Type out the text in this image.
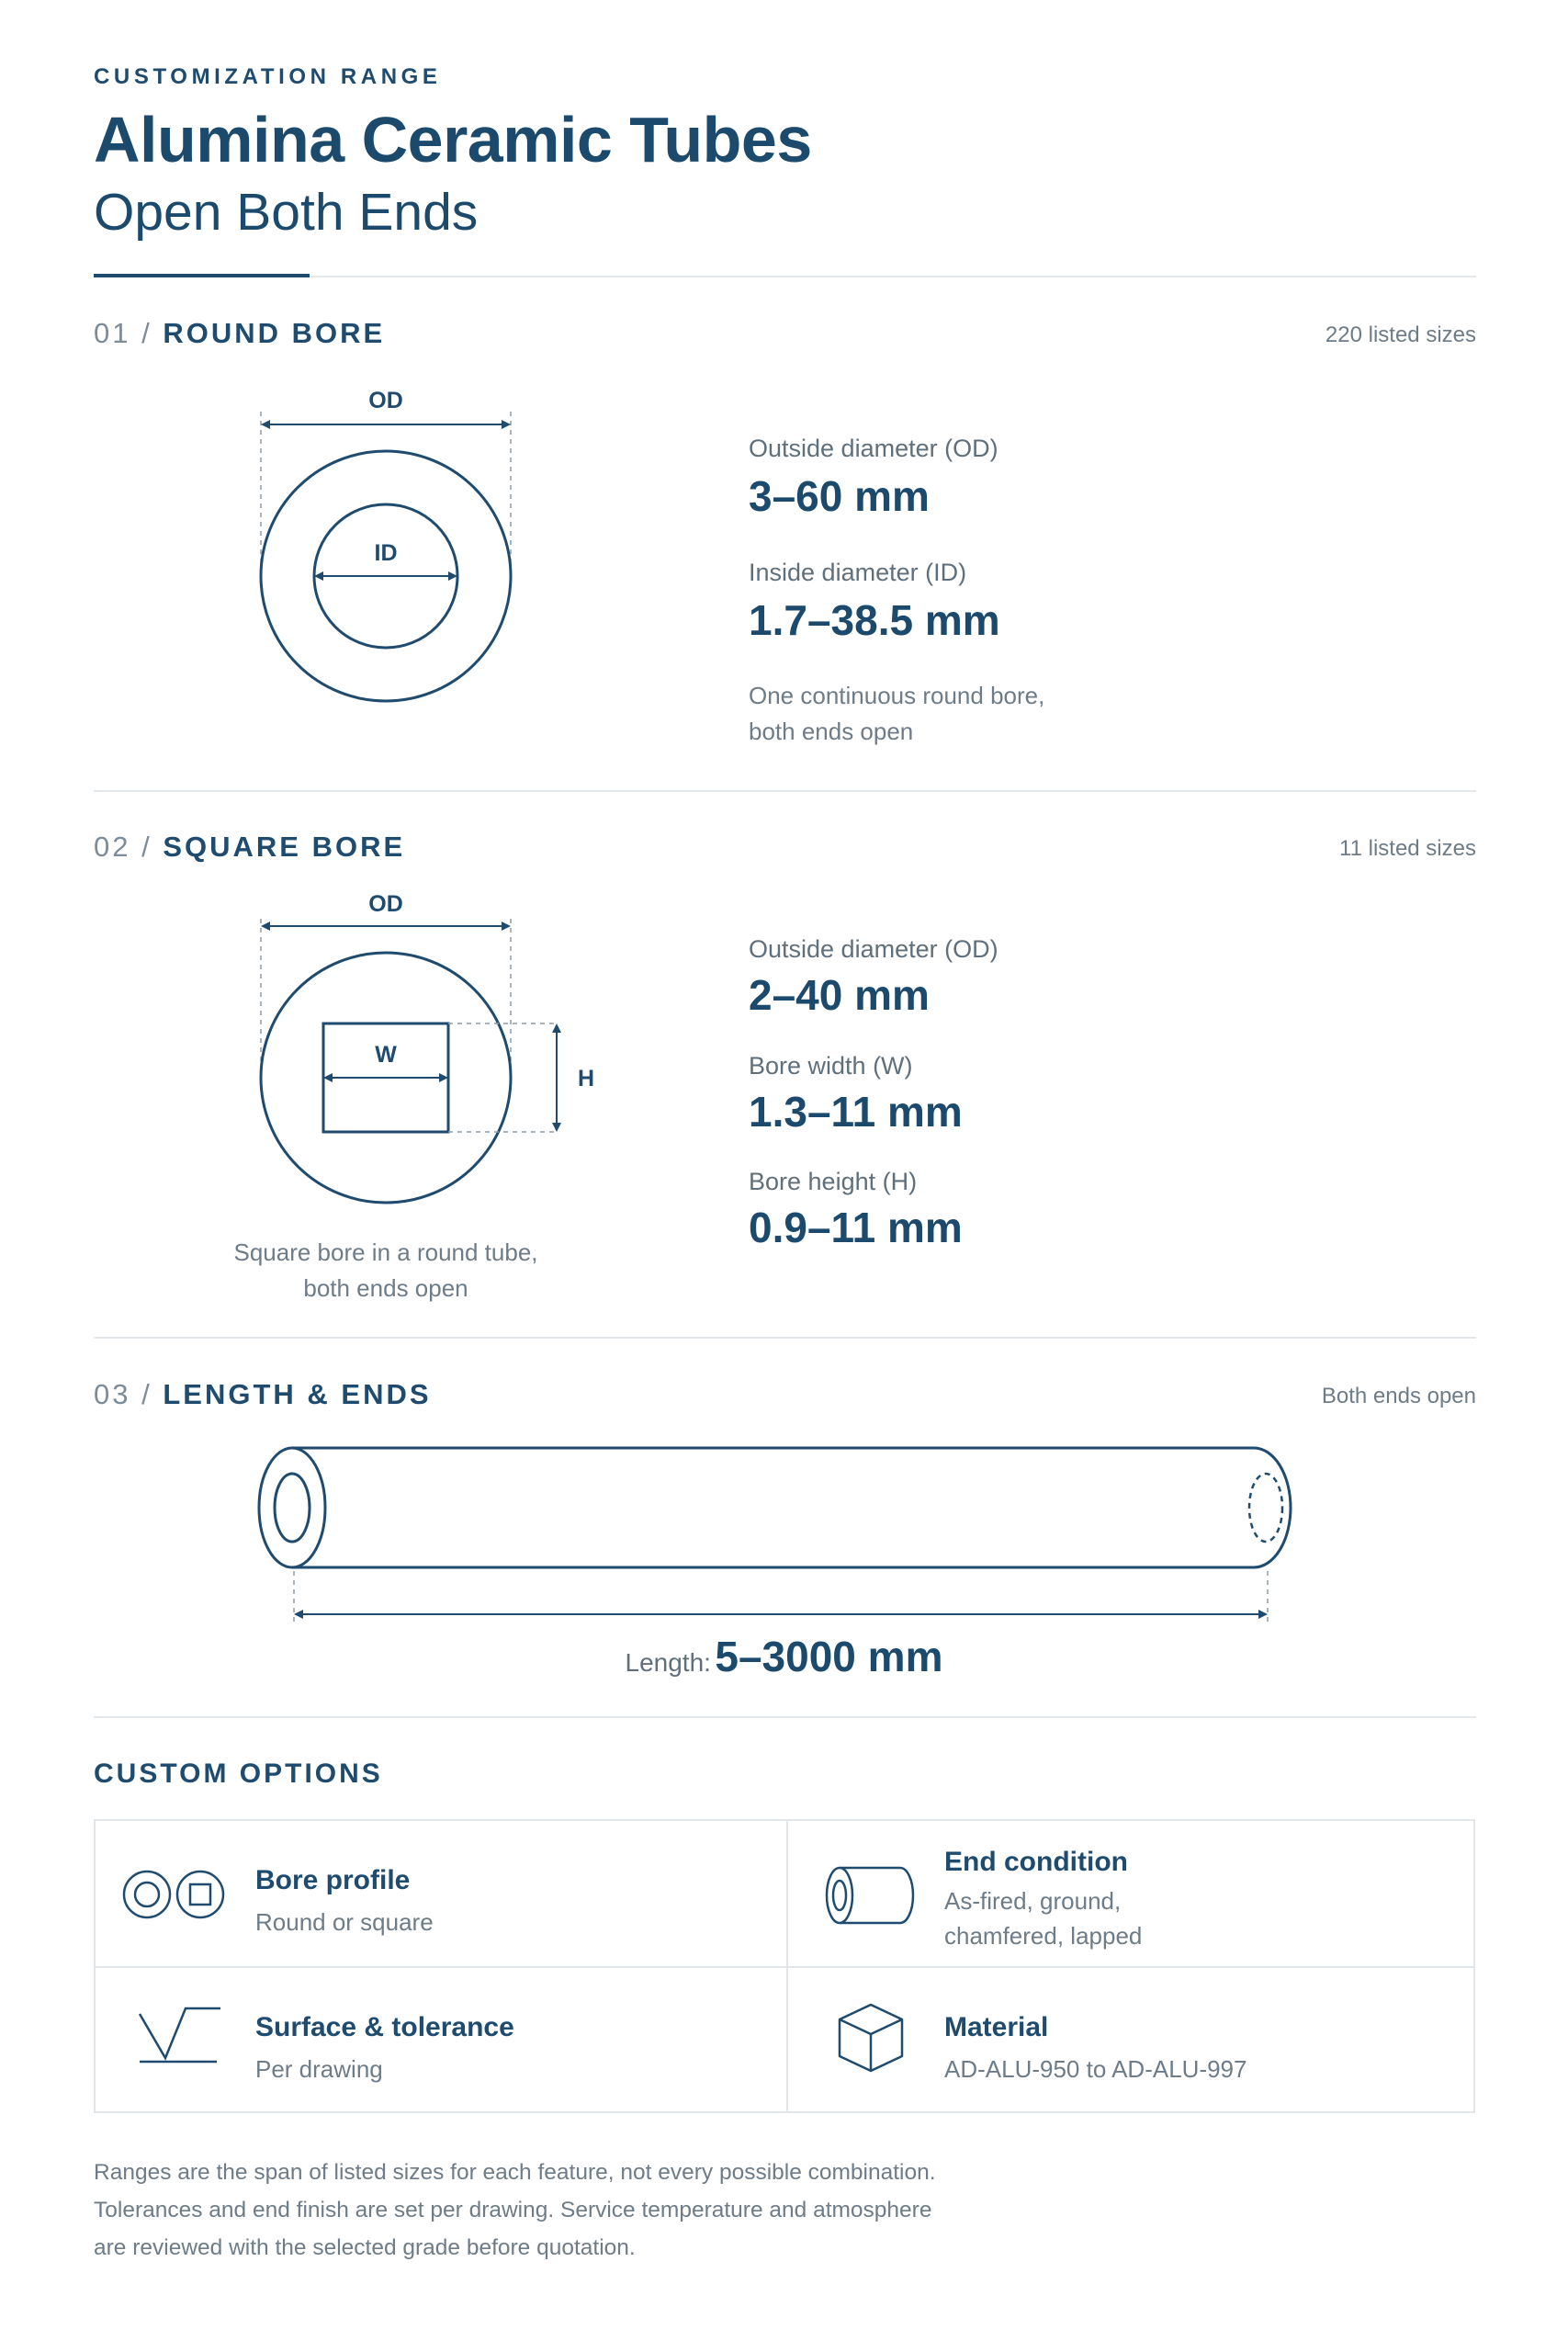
CUSTOMIZATION RANGE
Alumina Ceramic Tubes
Open Both Ends
01 / ROUND BORE	220 listed sizes
OD
ID
Outside diameter (OD)
3–60 mm
Inside diameter (ID)
1.7–38.5 mm
One continuous round bore,
both ends open
02 / SQUARE BORE	11 listed sizes
OD
W
H
Square bore in a round tube,
both ends open
Outside diameter (OD)
2–40 mm
Bore width (W)
1.3–11 mm
Bore height (H)
0.9–11 mm
03 / LENGTH & ENDS	Both ends open
Length: 5–3000 mm
CUSTOM OPTIONS
Bore profile
Round or square
End condition
As-fired, ground,
chamfered, lapped
Surface & tolerance
Per drawing
Material
AD-ALU-950 to AD-ALU-997
Ranges are the span of listed sizes for each feature, not every possible combination.
Tolerances and end finish are set per drawing. Service temperature and atmosphere
are reviewed with the selected grade before quotation.
